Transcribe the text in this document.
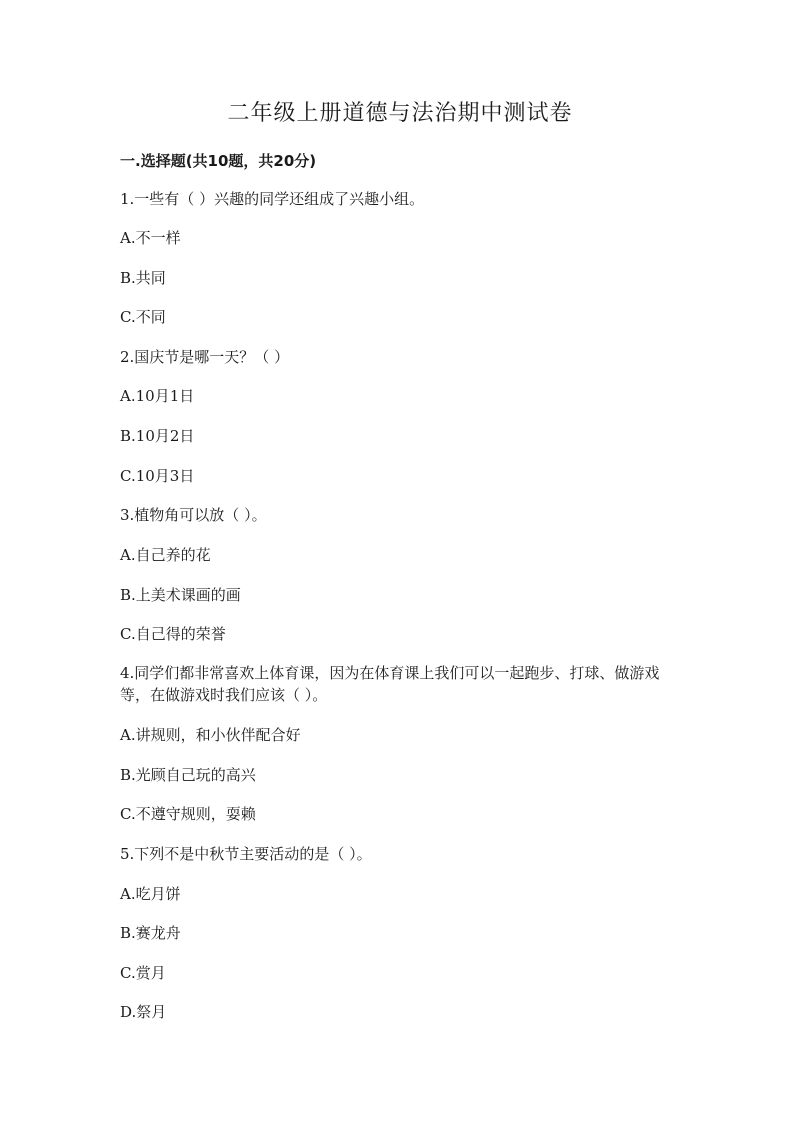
二年级上册道德与法治期中测试卷
一.选择题(共10题，共20分)
1.一些有（ ）兴趣的同学还组成了兴趣小组。
A.不一样
B.共同
C.不同
2.国庆节是哪一天？（ ）
A.10月1日
B.10月2日
C.10月3日
3.植物角可以放（ ）。
A.自己养的花
B.上美术课画的画
C.自己得的荣誉
4.同学们都非常喜欢上体育课，因为在体育课上我们可以一起跑步、打球、做游戏等，在做游戏时我们应该（ ）。
A.讲规则，和小伙伴配合好
B.光顾自己玩的高兴
C.不遵守规则，耍赖
5.下列不是中秋节主要活动的是（ ）。
A.吃月饼
B.赛龙舟
C.赏月
D.祭月
